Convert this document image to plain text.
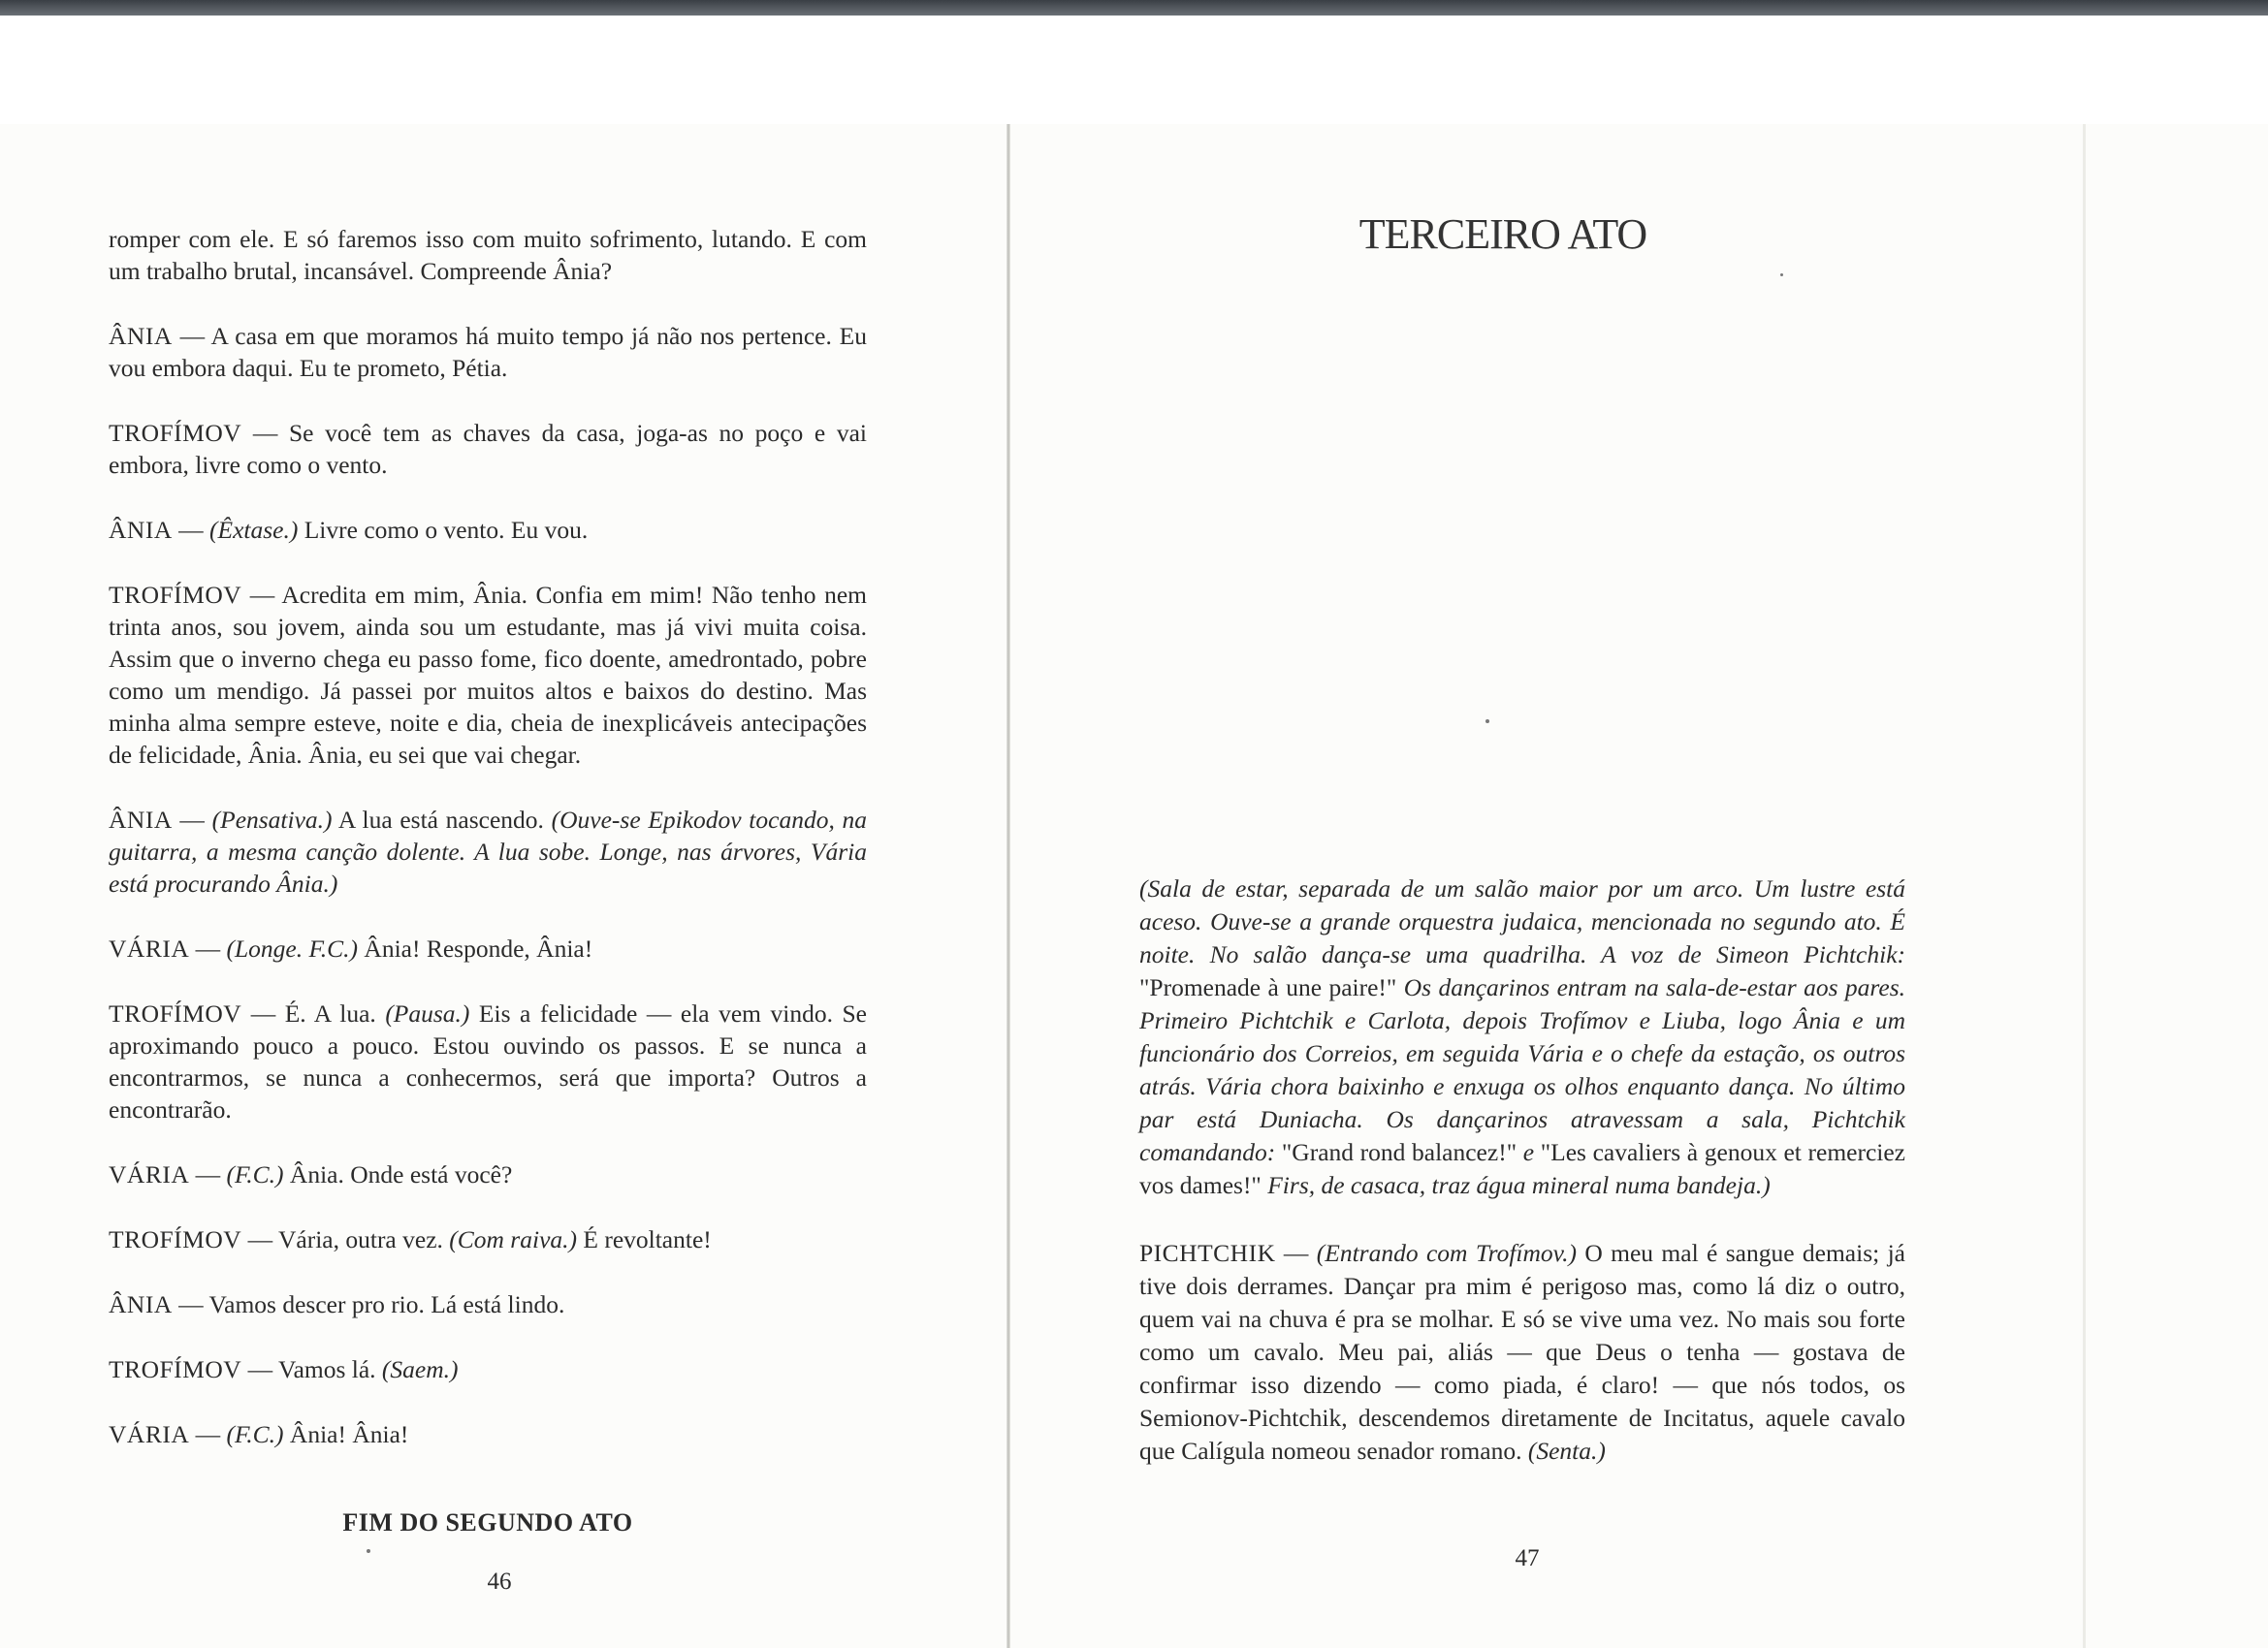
romper com ele. E só faremos isso com muito sofrimento, lutando. E com um trabalho brutal, incansável. Compreende Ânia?

ÂNIA — A casa em que moramos há muito tempo já não nos pertence. Eu vou embora daqui. Eu te prometo, Pétia.

TROFÍMOV — Se você tem as chaves da casa, joga-as no poço e vai embora, livre como o vento.

ÂNIA — (Êxtase.) Livre como o vento. Eu vou.

TROFÍMOV — Acredita em mim, Ânia. Confia em mim! Não tenho nem trinta anos, sou jovem, ainda sou um estudante, mas já vivi muita coisa. Assim que o inverno chega eu passo fome, fico doente, amedrontado, pobre como um mendigo. Já passei por muitos altos e baixos do destino. Mas minha alma sempre esteve, noite e dia, cheia de inexplicáveis antecipações de felicidade, Ânia. Ânia, eu sei que vai chegar.

ÂNIA — (Pensativa.) A lua está nascendo. (Ouve-se Epikodov tocando, na guitarra, a mesma canção dolente. A lua sobe. Longe, nas árvores, Vária está procurando Ânia.)

VÁRIA — (Longe. F.C.) Ânia! Responde, Ânia!

TROFÍMOV — É. A lua. (Pausa.) Eis a felicidade — ela vem vindo. Se aproximando pouco a pouco. Estou ouvindo os passos. E se nunca a encontrarmos, se nunca a conhecermos, será que importa? Outros a encontrarão.

VÁRIA — (F.C.) Ânia. Onde está você?

TROFÍMOV — Vária, outra vez. (Com raiva.) É revoltante!

ÂNIA — Vamos descer pro rio. Lá está lindo.

TROFÍMOV — Vamos lá. (Saem.)

VÁRIA — (F.C.) Ânia! Ânia!

FIM DO SEGUNDO ATO
46
TERCEIRO ATO

(Sala de estar, separada de um salão maior por um arco. Um lustre está aceso. Ouve-se a grande orquestra judaica, mencionada no segundo ato. É noite. No salão dança-se uma quadrilha. A voz de Simeon Pichtchik: "Promenade à une paire!" Os dançarinos entram na sala-de-estar aos pares. Primeiro Pichtchik e Carlota, depois Trofímov e Liuba, logo Ânia e um funcionário dos Correios, em seguida Vária e o chefe da estação, os outros atrás. Vária chora baixinho e enxuga os olhos enquanto dança. No último par está Duniacha. Os dançarinos atravessam a sala, Pichtchik comandando: "Grand rond balancez!" e "Les cavaliers à genoux et remerciez vos dames!" Firs, de casaca, traz água mineral numa bandeja.)

PICHTCHIK — (Entrando com Trofímov.) O meu mal é sangue demais; já tive dois derrames. Dançar pra mim é perigoso mas, como lá diz o outro, quem vai na chuva é pra se molhar. E só se vive uma vez. No mais sou forte como um cavalo. Meu pai, aliás — que Deus o tenha — gostava de confirmar isso dizendo — como piada, é claro! — que nós todos, os Semionov-Pichtchik, descendemos diretamente de Incitatus, aquele cavalo que Calígula nomeou senador romano. (Senta.)

47
